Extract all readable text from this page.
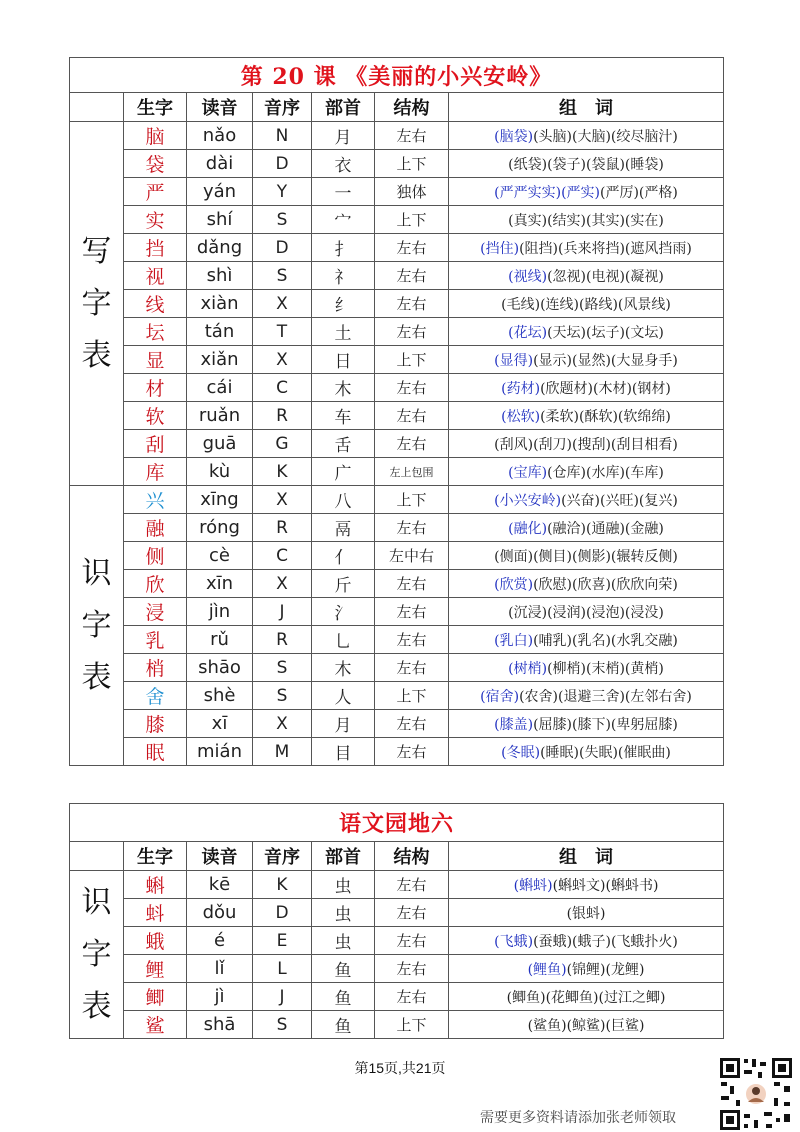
第 20 课 《美丽的小兴安岭》						
	生字	读音	音序	部首	结构	组　词

写
字
表	脑	nǎo	N	月	左右	(脑袋)(头脑)(大脑)(绞尽脑汁)
	袋	dài	D	衣	上下	(纸袋)(袋子)(袋鼠)(睡袋)
	严	yán	Y	一	独体	(严严实实)(严实)(严厉)(严格)
	实	shí	S	宀	上下	(真实)(结实)(其实)(实在)
	挡	dǎng	D	扌	左右	(挡住)(阻挡)(兵来将挡)(遮风挡雨)
	视	shì	S	礻	左右	(视线)(忽视)(电视)(凝视)
	线	xiàn	X	纟	左右	(毛线)(连线)(路线)(风景线)
	坛	tán	T	土	左右	(花坛)(天坛)(坛子)(文坛)
	显	xiǎn	X	日	上下	(显得)(显示)(显然)(大显身手)
	材	cái	C	木	左右	(药材)(欣题材)(木材)(钢材)
	软	ruǎn	R	车	左右	(松软)(柔软)(酥软)(软绵绵)
	刮	guā	G	舌	左右	(刮风)(刮刀)(搜刮)(刮目相看)
	库	kù	K	广	左上包围	(宝库)(仓库)(水库)(车库)

识
字
表	兴	xīng	X	八	上下	(小兴安岭)(兴奋)(兴旺)(复兴)
	融	róng	R	鬲	左右	(融化)(融洽)(通融)(金融)
	侧	cè	C	亻	左中右	(侧面)(侧目)(侧影)(辗转反侧)
	欣	xīn	X	斤	左右	(欣赏)(欣慰)(欣喜)(欣欣向荣)
	浸	jìn	J	氵	左右	(沉浸)(浸润)(浸泡)(浸没)
	乳	rǔ	R	乚	左右	(乳白)(哺乳)(乳名)(水乳交融)
	梢	shāo	S	木	左右	(树梢)(柳梢)(末梢)(黄梢)
	舍	shè	S	人	上下	(宿舍)(农舍)(退避三舍)(左邻右舍)
	膝	xī	X	月	左右	(膝盖)(屈膝)(膝下)(卑躬屈膝)
	眠	mián	M	目	左右	(冬眠)(睡眠)(失眠)(催眠曲)
语文园地六						
	生字	读音	音序	部首	结构	组　词

识
字
表	蝌	kē	K	虫	左右	(蝌蚪)(蝌蚪文)(蝌蚪书)
	蚪	dǒu	D	虫	左右	(银蚪)
	蛾	é	E	虫	左右	(飞蛾)(蚕蛾)(蛾子)(飞蛾扑火)
	鲤	lǐ	L	鱼	左右	(鲤鱼)(锦鲤)(龙鲤)
	鲫	jì	J	鱼	左右	(鲫鱼)(花鲫鱼)(过江之鲫)
	鲨	shā	S	鱼	上下	(鲨鱼)(鲸鲨)(巨鲨)
第15页,共21页
需要更多资料请添加张老师领取
